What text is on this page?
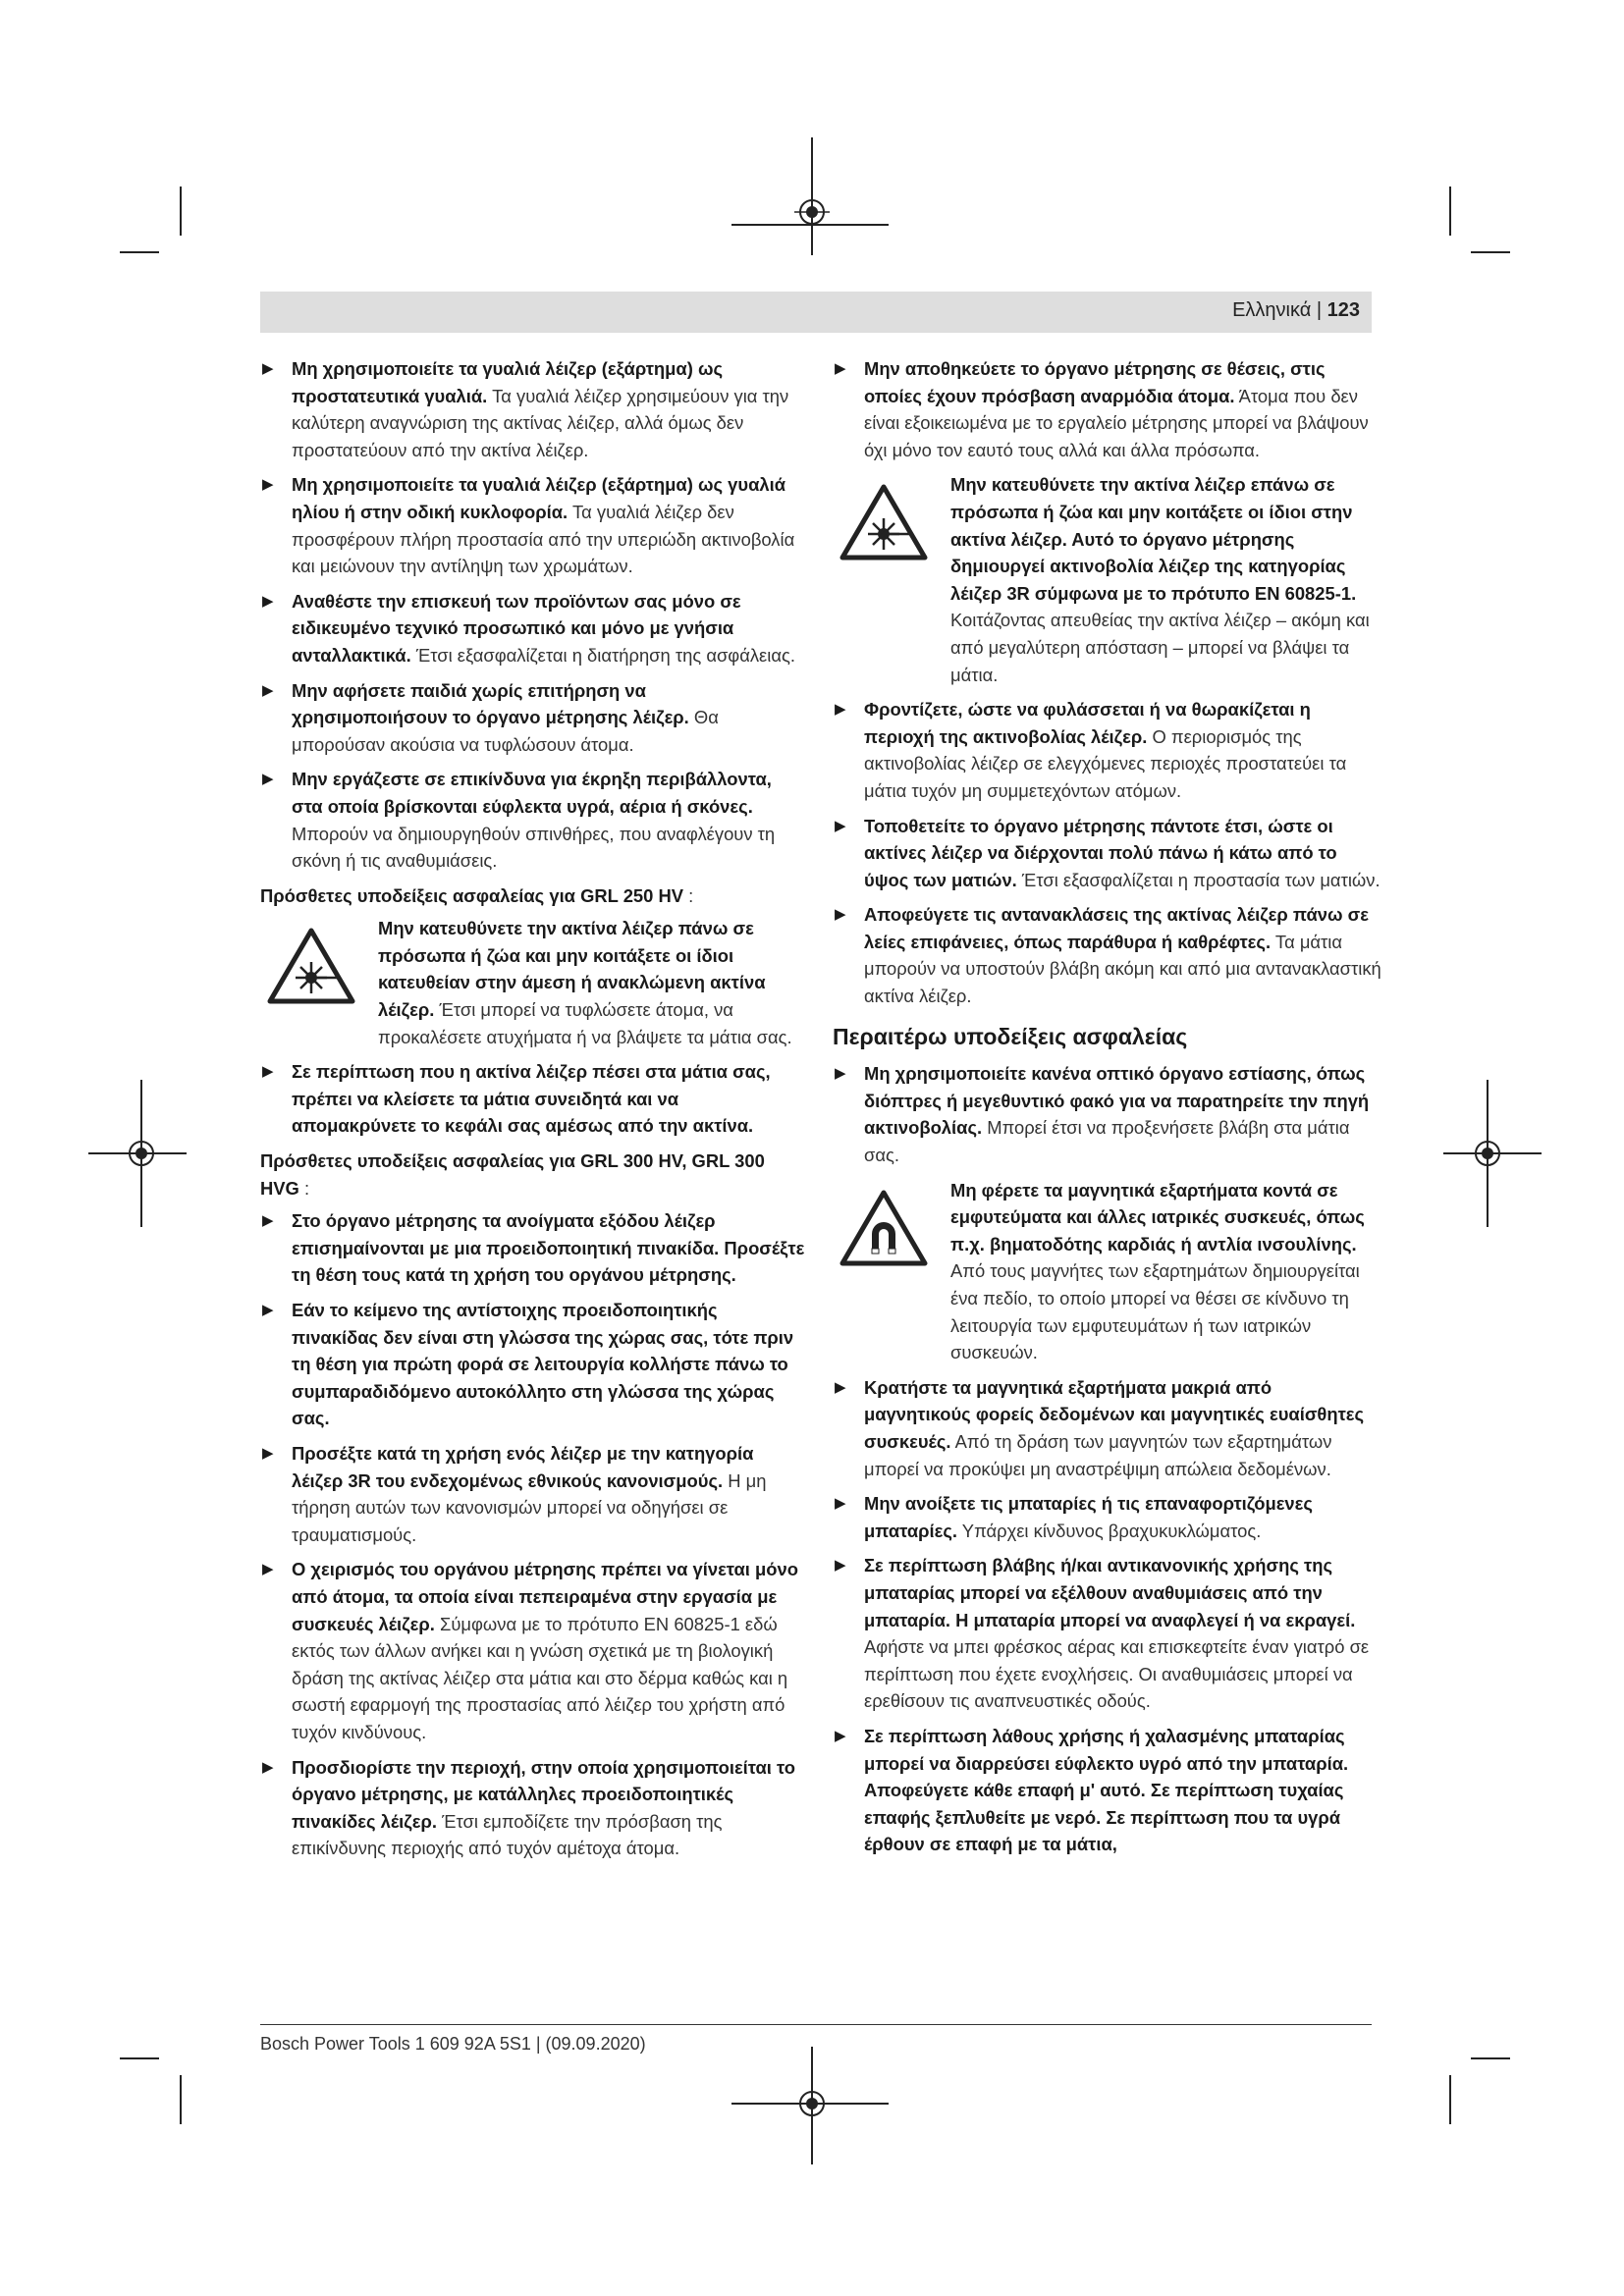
Ελληνικά | 123
▶ Μη χρησιμοποιείτε τα γυαλιά λέιζερ (εξάρτημα) ως προστατευτικά γυαλιά. Τα γυαλιά λέιζερ χρησιμεύουν για την καλύτερη αναγνώριση της ακτίνας λέιζερ, αλλά όμως δεν προστατεύουν από την ακτίνα λέιζερ.
▶ Μη χρησιμοποιείτε τα γυαλιά λέιζερ (εξάρτημα) ως γυαλιά ηλίου ή στην οδική κυκλοφορία. Τα γυαλιά λέιζερ δεν προσφέρουν πλήρη προστασία από την υπεριώδη ακτινοβολία και μειώνουν την αντίληψη των χρωμάτων.
▶ Αναθέστε την επισκευή των προϊόντων σας μόνο σε ειδικευμένο τεχνικό προσωπικό και μόνο με γνήσια ανταλλακτικά. Έτσι εξασφαλίζεται η διατήρηση της ασφάλειας.
▶ Μην αφήσετε παιδιά χωρίς επιτήρηση να χρησιμοποιήσουν το όργανο μέτρησης λέιζερ. Θα μπορούσαν ακούσια να τυφλώσουν άτομα.
▶ Μην εργάζεστε σε επικίνδυνα για έκρηξη περιβάλλοντα, στα οποία βρίσκονται εύφλεκτα υγρά, αέρια ή σκόνες. Μπορούν να δημιουργηθούν σπινθήρες, που αναφλέγουν τη σκόνη ή τις αναθυμιάσεις.
Πρόσθετες υποδείξεις ασφαλείας για GRL 250 HV :
Μην κατευθύνετε την ακτίνα λέιζερ πάνω σε πρόσωπα ή ζώα και μην κοιτάξετε οι ίδιοι κατευθείαν στην άμεση ή ανακλώμενη ακτίνα λέιζερ. Έτσι μπορεί να τυφλώσετε άτομα, να προκαλέσετε ατυχήματα ή να βλάψετε τα μάτια σας.
▶ Σε περίπτωση που η ακτίνα λέιζερ πέσει στα μάτια σας, πρέπει να κλείσετε τα μάτια συνειδητά και να απομακρύνετε το κεφάλι σας αμέσως από την ακτίνα.
Πρόσθετες υποδείξεις ασφαλείας για GRL 300 HV, GRL 300 HVG :
▶ Στο όργανο μέτρησης τα ανοίγματα εξόδου λέιζερ επισημαίνονται με μια προειδοποιητική πινακίδα. Προσέξτε τη θέση τους κατά τη χρήση του οργάνου μέτρησης.
▶ Εάν το κείμενο της αντίστοιχης προειδοποιητικής πινακίδας δεν είναι στη γλώσσα της χώρας σας, τότε πριν τη θέση για πρώτη φορά σε λειτουργία κολλήστε πάνω το συμπαραδιδόμενο αυτοκόλλητο στη γλώσσα της χώρας σας.
▶ Προσέξτε κατά τη χρήση ενός λέιζερ με την κατηγορία λέιζερ 3R του ενδεχομένως εθνικούς κανονισμούς. Η μη τήρηση αυτών των κανονισμών μπορεί να οδηγήσει σε τραυματισμούς.
▶ Ο χειρισμός του οργάνου μέτρησης πρέπει να γίνεται μόνο από άτομα, τα οποία είναι πεπειραμένα στην εργασία με συσκευές λέιζερ. Σύμφωνα με το πρότυπο EN 60825-1 εδώ εκτός των άλλων ανήκει και η γνώση σχετικά με τη βιολογική δράση της ακτίνας λέιζερ στα μάτια και στο δέρμα καθώς και η σωστή εφαρμογή της προστασίας από λέιζερ του χρήστη από τυχόν κινδύνους.
▶ Προσδιορίστε την περιοχή, στην οποία χρησιμοποιείται το όργανο μέτρησης, με κατάλληλες προειδοποιητικές πινακίδες λέιζερ. Έτσι εμποδίζετε την πρόσβαση της επικίνδυνης περιοχής από τυχόν αμέτοχα άτομα.
▶ Μην αποθηκεύετε το όργανο μέτρησης σε θέσεις, στις οποίες έχουν πρόσβαση αναρμόδια άτομα. Άτομα που δεν είναι εξοικειωμένα με το εργαλείο μέτρησης μπορεί να βλάψουν όχι μόνο τον εαυτό τους αλλά και άλλα πρόσωπα.
Μην κατευθύνετε την ακτίνα λέιζερ επάνω σε πρόσωπα ή ζώα και μην κοιτάξετε οι ίδιοι στην ακτίνα λέιζερ. Αυτό το όργανο μέτρησης δημιουργεί ακτινοβολία λέιζερ της κατηγορίας λέιζερ 3R σύμφωνα με το πρότυπο EN 60825-1. Κοιτάζοντας απευθείας την ακτίνα λέιζερ – ακόμη και από μεγαλύτερη απόσταση – μπορεί να βλάψει τα μάτια.
▶ Φροντίζετε, ώστε να φυλάσσεται ή να θωρακίζεται η περιοχή της ακτινοβολίας λέιζερ. Ο περιορισμός της ακτινοβολίας λέιζερ σε ελεγχόμενες περιοχές προστατεύει τα μάτια τυχόν μη συμμετεχόντων ατόμων.
▶ Τοποθετείτε το όργανο μέτρησης πάντοτε έτσι, ώστε οι ακτίνες λέιζερ να διέρχονται πολύ πάνω ή κάτω από το ύψος των ματιών. Έτσι εξασφαλίζεται η προστασία των ματιών.
▶ Αποφεύγετε τις αντανακλάσεις της ακτίνας λέιζερ πάνω σε λείες επιφάνειες, όπως παράθυρα ή καθρέφτες. Τα μάτια μπορούν να υποστούν βλάβη ακόμη και από μια αντανακλαστική ακτίνα λέιζερ.
Περαιτέρω υποδείξεις ασφαλείας
▶ Μη χρησιμοποιείτε κανένα οπτικό όργανο εστίασης, όπως διόπτρες ή μεγεθυντικό φακό για να παρατηρείτε την πηγή ακτινοβολίας. Μπορεί έτσι να προξενήσετε βλάβη στα μάτια σας.
Μη φέρετε τα μαγνητικά εξαρτήματα κοντά σε εμφυτεύματα και άλλες ιατρικές συσκευές, όπως π.χ. βηματοδότης καρδιάς ή αντλία ινσουλίνης. Από τους μαγνήτες των εξαρτημάτων δημιουργείται ένα πεδίο, το οποίο μπορεί να θέσει σε κίνδυνο τη λειτουργία των εμφυτευμάτων ή των ιατρικών συσκευών.
▶ Κρατήστε τα μαγνητικά εξαρτήματα μακριά από μαγνητικούς φορείς δεδομένων και μαγνητικές ευαίσθητες συσκευές. Από τη δράση των μαγνητών των εξαρτημάτων μπορεί να προκύψει μη αναστρέψιμη απώλεια δεδομένων.
▶ Μην ανοίξετε τις μπαταρίες ή τις επαναφορτιζόμενες μπαταρίες. Υπάρχει κίνδυνος βραχυκυκλώματος.
▶ Σε περίπτωση βλάβης ή/και αντικανονικής χρήσης της μπαταρίας μπορεί να εξέλθουν αναθυμιάσεις από την μπαταρία. Η μπαταρία μπορεί να αναφλεγεί ή να εκραγεί. Αφήστε να μπει φρέσκος αέρας και επισκεφτείτε έναν γιατρό σε περίπτωση που έχετε ενοχλήσεις. Οι αναθυμιάσεις μπορεί να ερεθίσουν τις αναπνευστικές οδούς.
▶ Σε περίπτωση λάθους χρήσης ή χαλασμένης μπαταρίας μπορεί να διαρρεύσει εύφλεκτο υγρό από την μπαταρία. Αποφεύγετε κάθε επαφή μ' αυτό. Σε περίπτωση τυχαίας επαφής ξεπλυθείτε με νερό. Σε περίπτωση που τα υγρά έρθουν σε επαφή με τα μάτια,
Bosch Power Tools 1 609 92A 5S1 | (09.09.2020)
